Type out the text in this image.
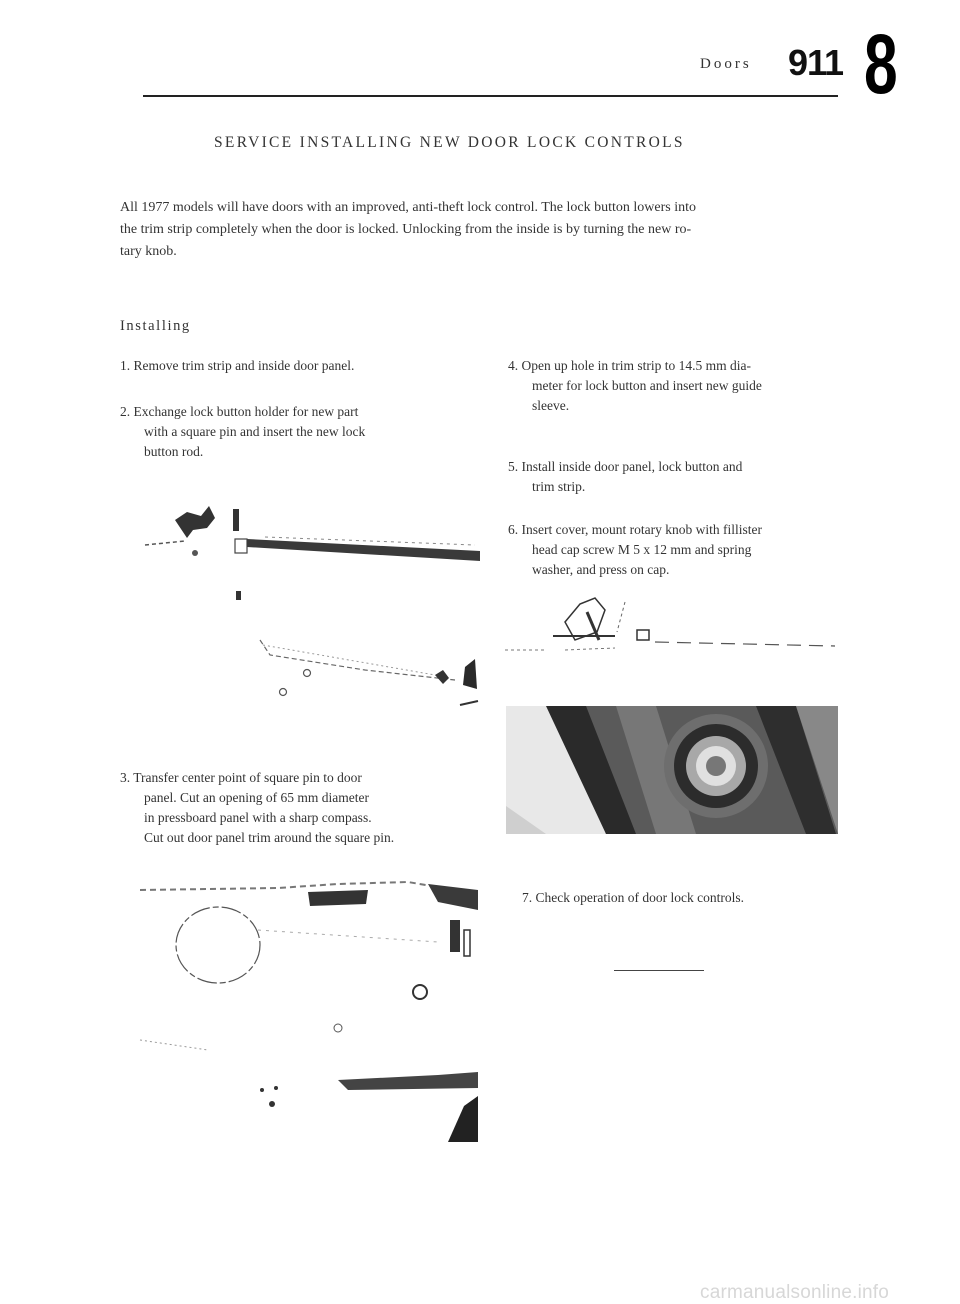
Doors 911 8
SERVICE INSTALLING NEW DOOR LOCK CONTROLS

All 1977 models will have doors with an improved, anti-theft lock control. The lock button lowers into

the trim strip completely when the door is locked. Unlocking from the inside is by turning the new ro-

tary knob.

Installing
1. Remove trim strip and inside door panel.
2. Exchange lock button holder for new part
with a square pin and insert the new lock
button rod.
3. Transfer center point of square pin to door
panel. Cut an opening of 65 mm diameter
in pressboard panel with a sharp compass.
Cut out door panel trim around the square pin.
4. Open up hole in trim strip to 14.5 mm dia-
meter for lock button and insert new guide
sleeve.
5. Install inside door panel, lock button and
trim strip.
6. Insert cover, mount rotary knob with fillister
head cap screw M 5 x 12 mm and spring
washer, and press on cap.
7. Check operation of door lock controls.
carmanualsonline.info
